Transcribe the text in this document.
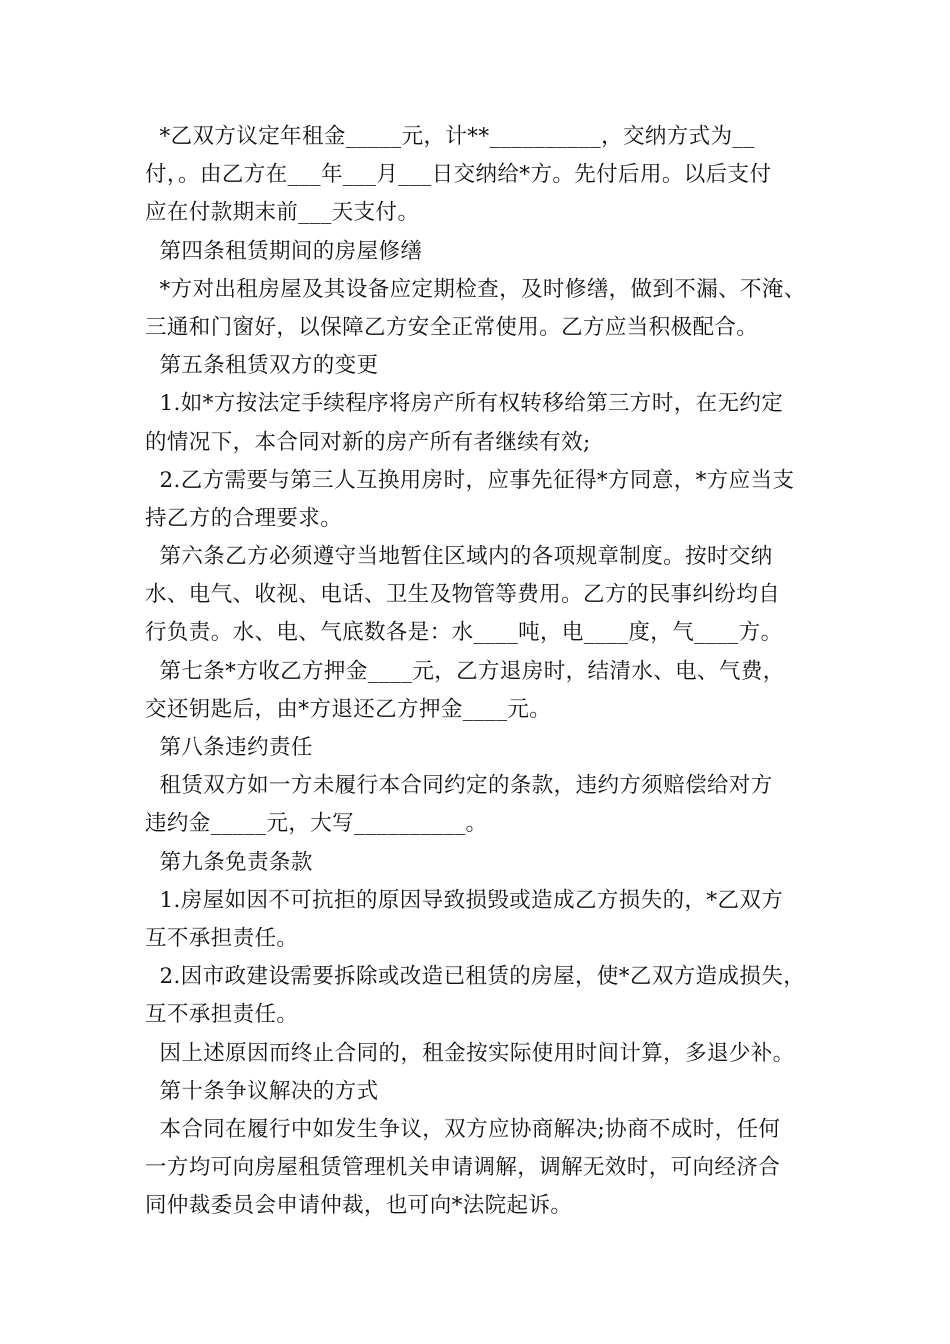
*乙双方议定年租金_____元，计**__________，交纳方式为__
付，。由乙方在___年___月___日交纳给*方。先付后用。以后支付
应在付款期末前___天支付。
第四条租赁期间的房屋修缮
*方对出租房屋及其设备应定期检查，及时修缮，做到不漏、不淹、
三通和门窗好，以保障乙方安全正常使用。乙方应当积极配合。
第五条租赁双方的变更
1.如*方按法定手续程序将房产所有权转移给第三方时，在无约定
的情况下，本合同对新的房产所有者继续有效;
2.乙方需要与第三人互换用房时，应事先征得*方同意，*方应当支
持乙方的合理要求。
第六条乙方必须遵守当地暂住区域内的各项规章制度。按时交纳
水、电气、收视、电话、卫生及物管等费用。乙方的民事纠纷均自
行负责。水、电、气底数各是：水____吨，电____度，气____方。
第七条*方收乙方押金____元，乙方退房时，结清水、电、气费，
交还钥匙后，由*方退还乙方押金____元。
第八条违约责任
租赁双方如一方未履行本合同约定的条款，违约方须赔偿给对方
违约金_____元，大写__________。
第九条免责条款
1.房屋如因不可抗拒的原因导致损毁或造成乙方损失的，*乙双方
互不承担责任。
2.因市政建设需要拆除或改造已租赁的房屋，使*乙双方造成损失，
互不承担责任。
因上述原因而终止合同的，租金按实际使用时间计算，多退少补。
第十条争议解决的方式
本合同在履行中如发生争议，双方应协商解决;协商不成时，任何
一方均可向房屋租赁管理机关申请调解，调解无效时，可向经济合
同仲裁委员会申请仲裁，也可向*法院起诉。
